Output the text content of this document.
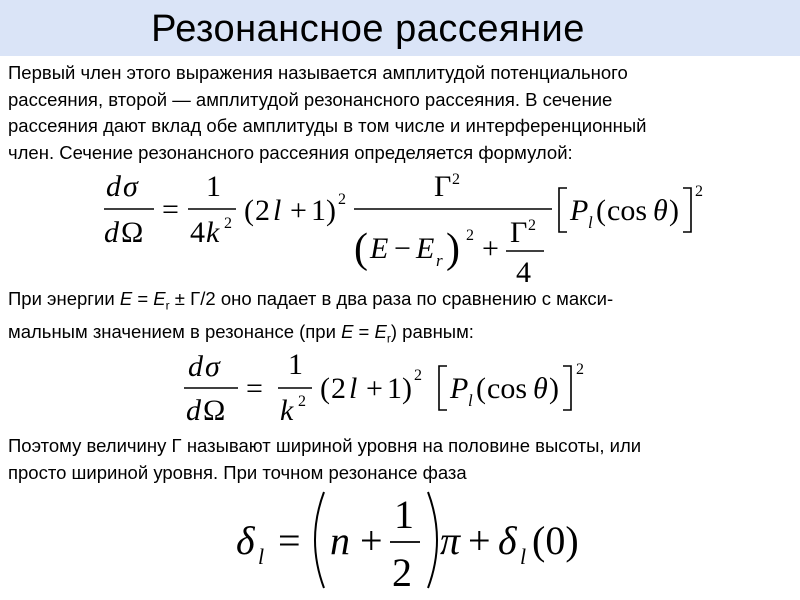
Резонансное рассеяние
Первый член этого выражения называется амплитудой потенциального
рассеяния, второй — амплитудой резонансного рассеяния. В сечение
рассеяния дают вклад обе амплитуды в том числе и интерференционный
член. Сечение резонансного рассеяния определяется формулой:
d σ
d Ω
=
1
4 k 2 ( 2 l + 1 ) 2	Γ 2
( E − E r ) 2 + Γ 2
4
P l ( cos θ )
2
При энергии $E = E_r \pm \Gamma/2$ оно падает в два раза по сравнению с макси-
мальным значением в резонансе (при $E = E_r$) равным:
d σ
d Ω
=
1
k 2 ( 2 l + 1 ) 2 P l ( cos θ )
2
Поэтому величину Γ называют шириной уровня на половине высоты, или
просто шириной уровня. При точном резонансе фаза
δ l = n +
1
2
π + δ l (0)
